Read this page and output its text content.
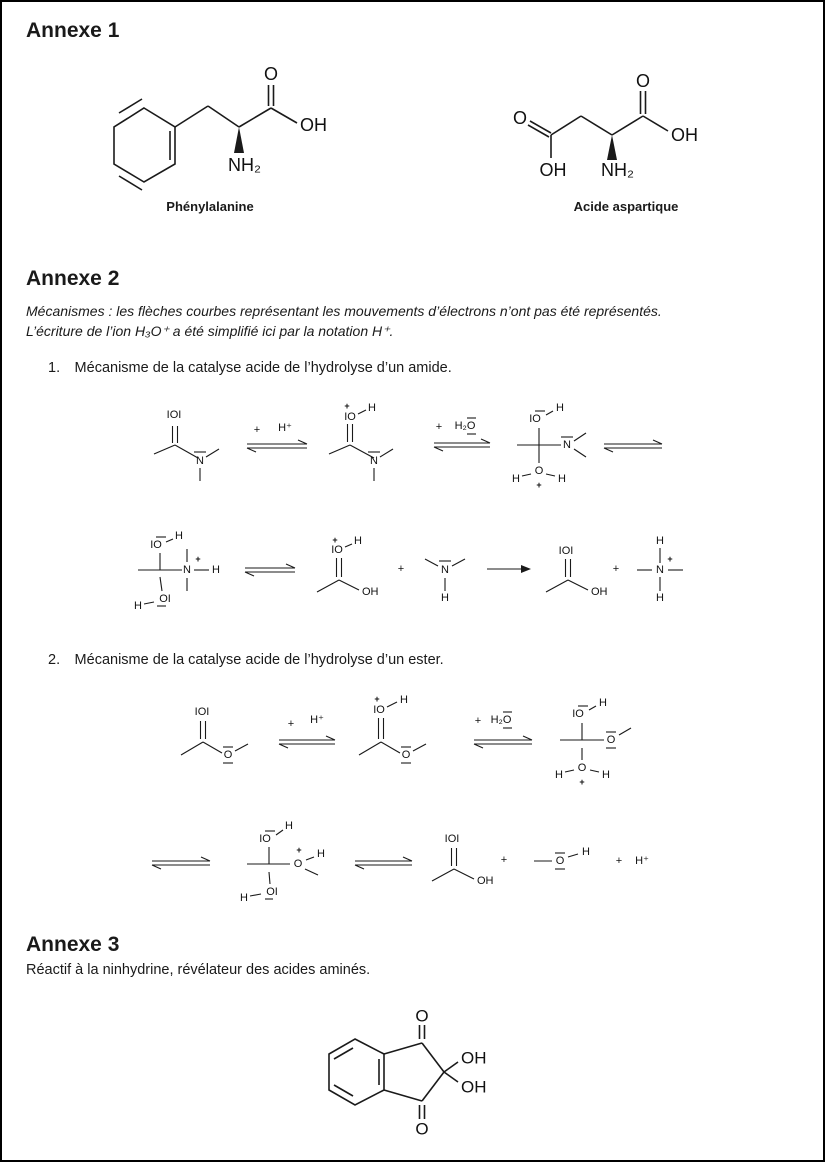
Annexe 1
O
OH
NH₂
Phénylalanine
O
O
OH NH₂
OH
Acide aspartique
Annexe 2
Mécanismes : les flèches courbes représentant les mouvements d’électrons n’ont pas été représentés.
L’écriture de l’ion H₃O⁺ a été simplifié ici par la notation H⁺.
1. Mécanisme de la catalyse acide de l’hydrolyse d’un amide.
IOI
N
+ H⁺
+
IO
H
N
+ H₂O
IO
H
N
O
+
H	H
IO
H
N
+
H
OI
H
+
IO
H
OH
+	N
H
IOI
OH
+	N
+
H
H
2. Mécanisme de la catalyse acide de l’hydrolyse d’un ester.
IOI
O
+ H⁺
+
IO
H
O
+ H₂O	IO
H
O
O
+
H	H
IO
H
+
O
H
OI
H
IOI
OH
+	O
H
+ H⁺
Annexe 3
Réactif à la ninhydrine, révélateur des acides aminés.
O
O
OH
OH
